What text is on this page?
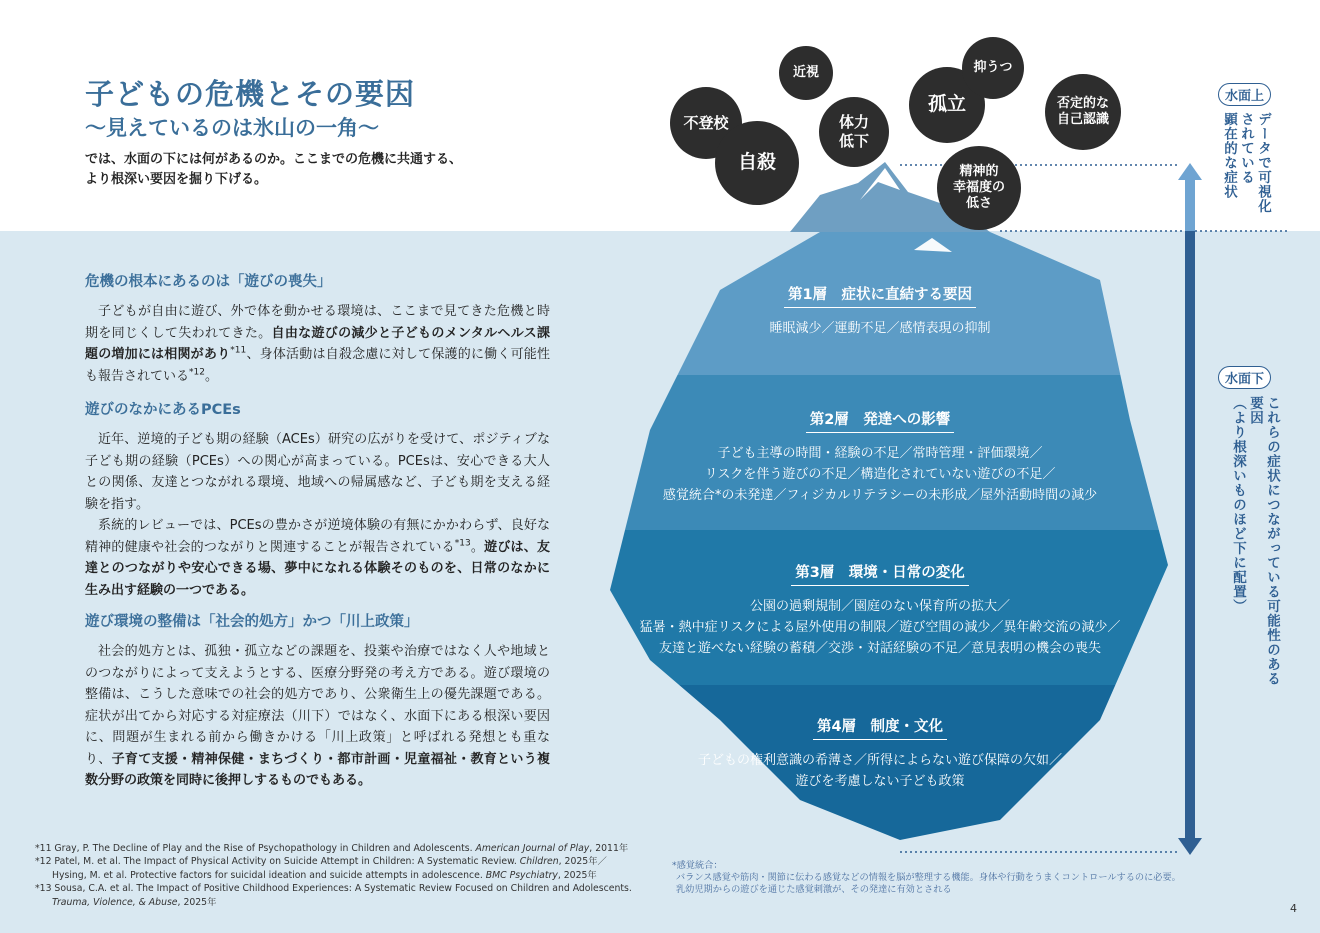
子どもの危機とその要因
〜見えているのは氷山の一角〜
では、水面の下には何があるのか。ここまでの危機に共通する、
より根深い要因を掘り下げる。
危機の根本にあるのは「遊びの喪失」

子どもが自由に遊び、外で体を動かせる環境は、ここまで見てきた危機と時期を同じくして失われてきた。自由な遊びの減少と子どものメンタルヘルス課題の増加には相関があり$^{*11}$、身体活動は自殺念慮に対して保護的に働く可能性も報告されている$^{*12}$。

遊びのなかにあるPCEs

近年、逆境的子ども期の経験（ACEs）研究の広がりを受けて、ポジティブな子ども期の経験（PCEs）への関心が高まっている。PCEsは、安心できる大人との関係、友達とつながれる環境、地域への帰属感など、子ども期を支える経験を指す。

系統的レビューでは、PCEsの豊かさが逆境体験の有無にかかわらず、良好な精神的健康や社会的つながりと関連することが報告されている$^{*13}$。遊びは、友達とのつながりや安心できる場、夢中になれる体験そのものを、日常のなかに生み出す経験の一つである。

遊び環境の整備は「社会的処方」かつ「川上政策」

社会的処方とは、孤独・孤立などの課題を、投薬や治療ではなく人や地域とのつながりによって支えようとする、医療分野発の考え方である。遊び環境の整備は、こうした意味での社会的処方であり、公衆衛生上の優先課題である。症状が出てから対応する対症療法（川下）ではなく、水面下にある根深い要因に、問題が生まれる前から働きかける「川上政策」と呼ばれる発想とも重なり、子育て支援・精神保健・まちづくり・都市計画・児童福祉・教育という複数分野の政策を同時に後押しするものでもある。

*11 Gray, P. The Decline of Play and the Rise of Psychopathology in Children and Adolescents. American Journal of Play, 2011年
*12 Patel, M. et al. The Impact of Physical Activity on Suicide Attempt in Children: A Systematic Review. Children, 2025年／
Hysing, M. et al. Protective factors for suicidal ideation and suicide attempts in adolescence. BMC Psychiatry, 2025年
*13 Sousa, C.A. et al. The Impact of Positive Childhood Experiences: A Systematic Review Focused on Children and Adolescents.
Trauma, Violence, & Abuse, 2025年
不登校
自殺
近視
体力
低下
孤立
抑うつ
否定的な
自己認識
精神的
幸福度の
低さ
第1層　症状に直結する要因
睡眠減少／運動不足／感情表現の抑制
第2層　発達への影響
子ども主導の時間・経験の不足／常時管理・評価環境／
リスクを伴う遊びの不足／構造化されていない遊びの不足／
感覚統合*の未発達／フィジカルリテラシーの未形成／屋外活動時間の減少
第3層　環境・日常の変化
公園の過剰規制／園庭のない保育所の拡大／
猛暑・熱中症リスクによる屋外使用の制限／遊び空間の減少／異年齢交流の減少／
友達と遊べない経験の蓄積／交渉・対話経験の不足／意見表明の機会の喪失
第4層　制度・文化
子どもの権利意識の希薄さ／所得によらない遊び保障の欠如／
遊びを考慮しない子ども政策
水面上
データで可視化
されている
顕在的な症状
水面下
これらの症状につながっている可能性のある要因
（より根深いものほど下に配置）
*感覚統合：
バランス感覚や筋肉・関節に伝わる感覚などの情報を脳が整理する機能。身体や行動をうまくコントロールするのに必要。
乳幼児期からの遊びを通じた感覚刺激が、その発達に有効とされる
4
